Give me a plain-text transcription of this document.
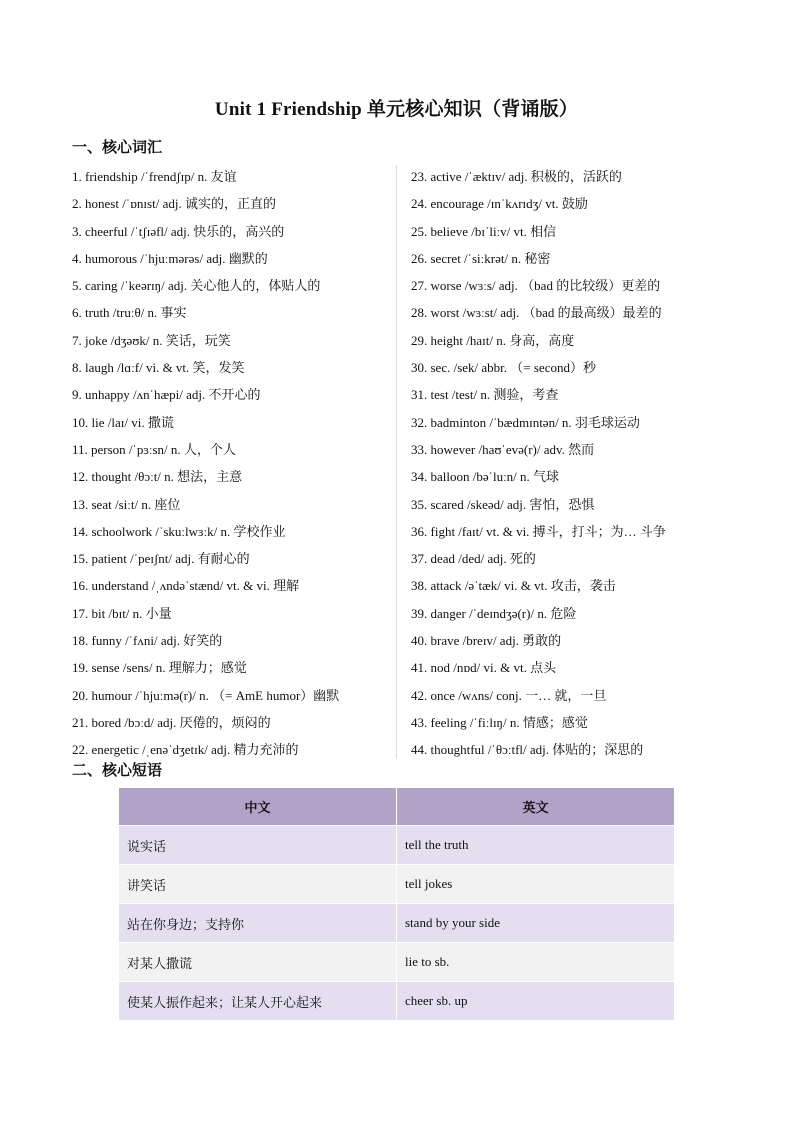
Unit 1 Friendship 单元核心知识（背诵版）
一、核心词汇
1. friendship /ˈfrendʃɪp/ n. 友谊
2. honest /ˈɒnɪst/ adj. 诚实的，正直的
3. cheerful /ˈtʃɪəfl/ adj. 快乐的，高兴的
4. humorous /ˈhjuːmərəs/ adj. 幽默的
5. caring /ˈkeərɪŋ/ adj. 关心他人的，体贴人的
6. truth /truːθ/ n. 事实
7. joke /dʒəʊk/ n. 笑话，玩笑
8. laugh /lɑːf/ vi. & vt. 笑，发笑
9. unhappy /ʌnˈhæpi/ adj. 不开心的
10. lie /laɪ/ vi. 撒谎
11. person /ˈpɜːsn/ n. 人，个人
12. thought /θɔːt/ n. 想法，主意
13. seat /siːt/ n. 座位
14. schoolwork /ˈskuːlwɜːk/ n. 学校作业
15. patient /ˈpeɪʃnt/ adj. 有耐心的
16. understand /ˌʌndəˈstænd/ vt. & vi. 理解
17. bit /bɪt/ n. 小量
18. funny /ˈfʌni/ adj. 好笑的
19. sense /sens/ n. 理解力；感觉
20. humour /ˈhjuːmə(r)/ n. （= AmE humor）幽默
21. bored /bɔːd/ adj. 厌倦的，烦闷的
22. energetic /ˌenəˈdʒetɪk/ adj. 精力充沛的
23. active /ˈæktɪv/ adj. 积极的，活跃的
24. encourage /ɪnˈkʌrɪdʒ/ vt. 鼓励
25. believe /bɪˈliːv/ vt. 相信
26. secret /ˈsiːkrət/ n. 秘密
27. worse /wɜːs/ adj. （bad 的比较级）更差的
28. worst /wɜːst/ adj. （bad 的最高级）最差的
29. height /haɪt/ n. 身高，高度
30. sec. /sek/ abbr. （= second）秒
31. test /test/ n. 测验，考查
32. badminton /ˈbædmɪntən/ n. 羽毛球运动
33. however /haʊˈevə(r)/ adv. 然而
34. balloon /bəˈluːn/ n. 气球
35. scared /skeəd/ adj. 害怕，恐惧
36. fight /faɪt/ vt. & vi. 搏斗，打斗；为… 斗争
37. dead /ded/ adj. 死的
38. attack /əˈtæk/ vi. & vt. 攻击，袭击
39. danger /ˈdeɪndʒə(r)/ n. 危险
40. brave /breɪv/ adj. 勇敢的
41. nod /nɒd/ vi. & vt. 点头
42. once /wʌns/ conj. 一… 就，一旦
43. feeling /ˈfiːlɪŋ/ n. 情感；感觉
44. thoughtful /ˈθɔːtfl/ adj. 体贴的；深思的
二、核心短语
中文	英文
说实话	tell the truth
讲笑话	tell jokes
站在你身边；支持你	stand by your side
对某人撒谎	lie to sb.
使某人振作起来；让某人开心起来	cheer sb. up
